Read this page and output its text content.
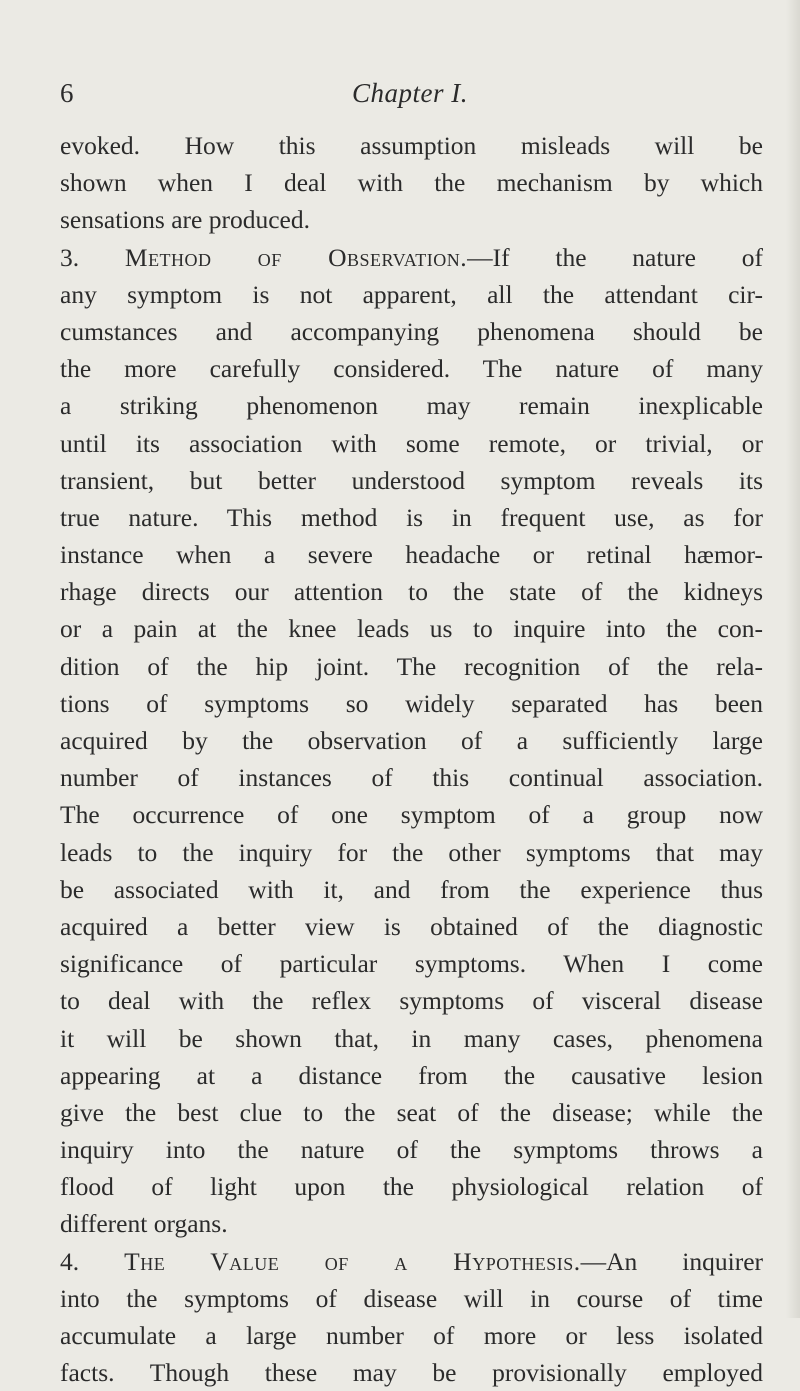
6	Chapter I.
evoked. How this assumption misleads will be
shown when I deal with the mechanism by which
sensations are produced.
3. Method of Observation.—If the nature of
any symptom is not apparent, all the attendant cir-
cumstances and accompanying phenomena should be
the more carefully considered. The nature of many
a striking phenomenon may remain inexplicable
until its association with some remote, or trivial, or
transient, but better understood symptom reveals its
true nature. This method is in frequent use, as for
instance when a severe headache or retinal hæmor-
rhage directs our attention to the state of the kidneys
or a pain at the knee leads us to inquire into the con-
dition of the hip joint. The recognition of the rela-
tions of symptoms so widely separated has been
acquired by the observation of a sufficiently large
number of instances of this continual association.
The occurrence of one symptom of a group now
leads to the inquiry for the other symptoms that may
be associated with it, and from the experience thus
acquired a better view is obtained of the diagnostic
significance of particular symptoms. When I come
to deal with the reflex symptoms of visceral disease
it will be shown that, in many cases, phenomena
appearing at a distance from the causative lesion
give the best clue to the seat of the disease; while the
inquiry into the nature of the symptoms throws a
flood of light upon the physiological relation of
different organs.
4. The Value of a Hypothesis.—An inquirer
into the symptoms of disease will in course of time
accumulate a large number of more or less isolated
facts. Though these may be provisionally employed
